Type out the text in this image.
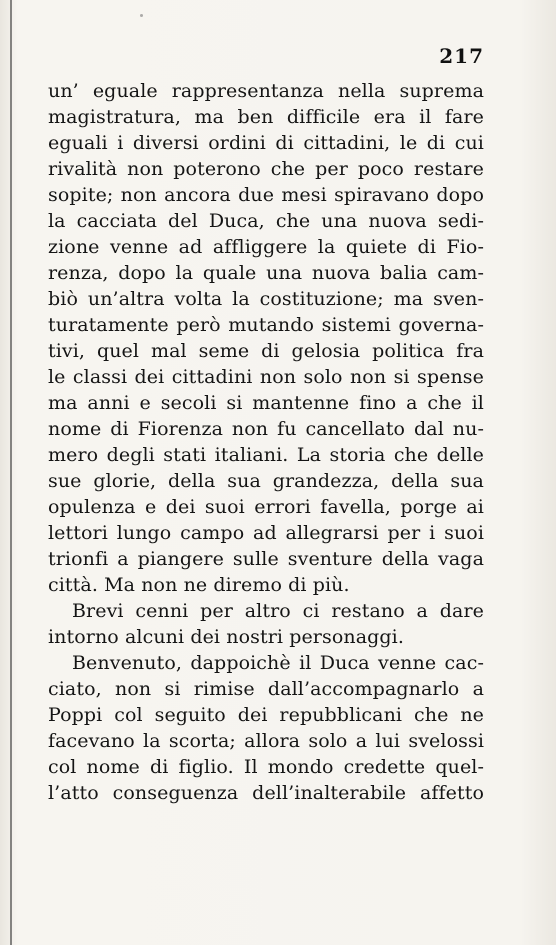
217
un’ eguale rappresentanza nella suprema
magistratura, ma ben difficile era il fare
eguali i diversi ordini di cittadini, le di cui
rivalità non poterono che per poco restare
sopite; non ancora due mesi spiravano dopo
la cacciata del Duca, che una nuova sedi-
zione venne ad affliggere la quiete di Fio-
renza, dopo la quale una nuova balia cam-
biò un’altra volta la costituzione; ma sven-
turatamente però mutando sistemi governa-
tivi, quel mal seme di gelosia politica fra
le classi dei cittadini non solo non si spense
ma anni e secoli si mantenne fino a che il
nome di Fiorenza non fu cancellato dal nu-
mero degli stati italiani. La storia che delle
sue glorie, della sua grandezza, della sua
opulenza e dei suoi errori favella, porge ai
lettori lungo campo ad allegrarsi per i suoi
trionfi a piangere sulle sventure della vaga
città. Ma non ne diremo di più.
Brevi cenni per altro ci restano a dare
intorno alcuni dei nostri personaggi.
Benvenuto, dappoichè il Duca venne cac-
ciato, non si rimise dall’accompagnarlo a
Poppi col seguito dei repubblicani che ne
facevano la scorta; allora solo a lui svelossi
col nome di figlio. Il mondo credette quel-
l’atto conseguenza dell’inalterabile affetto
